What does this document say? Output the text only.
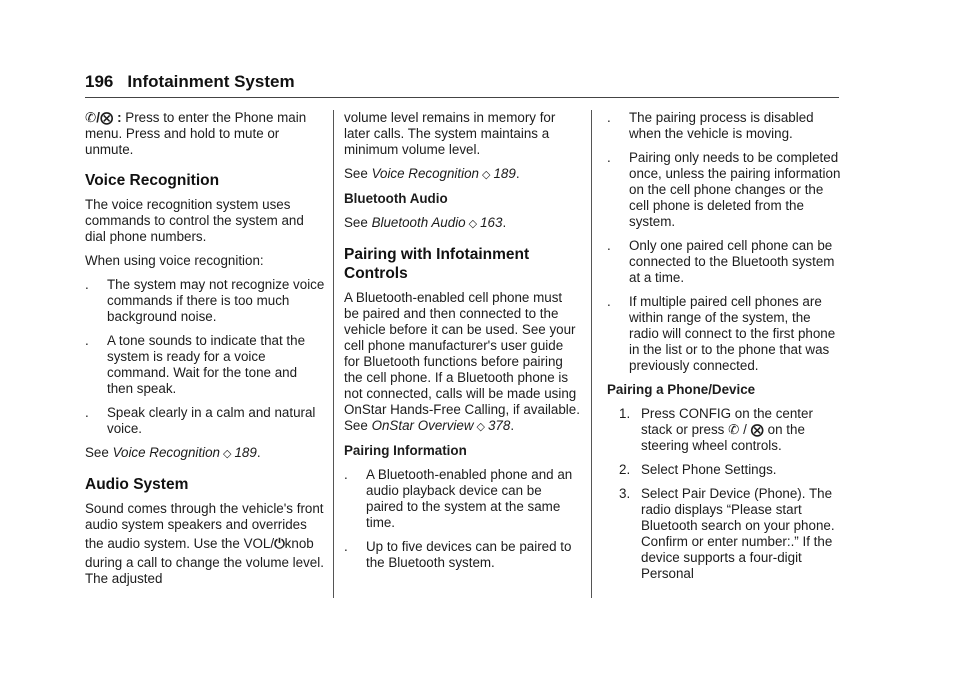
196 Infotainment System

✆/⨂ : Press to enter the Phone main menu. Press and hold to mute or unmute.

Voice Recognition

The voice recognition system uses commands to control the system and dial phone numbers.

When using voice recognition:

.	The system may not recognize voice commands if there is too much background noise.
.	A tone sounds to indicate that the system is ready for a voice command. Wait for the tone and then speak.
.	Speak clearly in a calm and natural voice.

See Voice Recognition ◇ 189.

Audio System

Sound comes through the vehicle's front audio system speakers and overrides the audio system. Use the VOL/⏻knob during a call to change the volume level. The adjusted

volume level remains in memory for later calls. The system maintains a minimum volume level.

See Voice Recognition ◇ 189.

Bluetooth Audio

See Bluetooth Audio ◇ 163.

Pairing with Infotainment Controls

A Bluetooth-enabled cell phone must be paired and then connected to the vehicle before it can be used. See your cell phone manufacturer's user guide for Bluetooth functions before pairing the cell phone. If a Bluetooth phone is not connected, calls will be made using OnStar Hands-Free Calling, if available. See OnStar Overview ◇ 378.

Pairing Information
.	A Bluetooth-enabled phone and an audio playback device can be paired to the system at the same time.
.	Up to five devices can be paired to the Bluetooth system.
.	The pairing process is disabled when the vehicle is moving.
.	Pairing only needs to be completed once, unless the pairing information on the cell phone changes or the cell phone is deleted from the system.
.	Only one paired cell phone can be connected to the Bluetooth system at a time.
.	If multiple paired cell phones are within range of the system, the radio will connect to the first phone in the list or to the phone that was previously connected.
Pairing a Phone/Device
1. Press CONFIG on the center stack or press ✆ / ⨂ on the steering wheel controls.
2. Select Phone Settings.
3. Select Pair Device (Phone). The radio displays “Please start Bluetooth search on your phone. Confirm or enter number:.” If the device supports a four-digit Personal
